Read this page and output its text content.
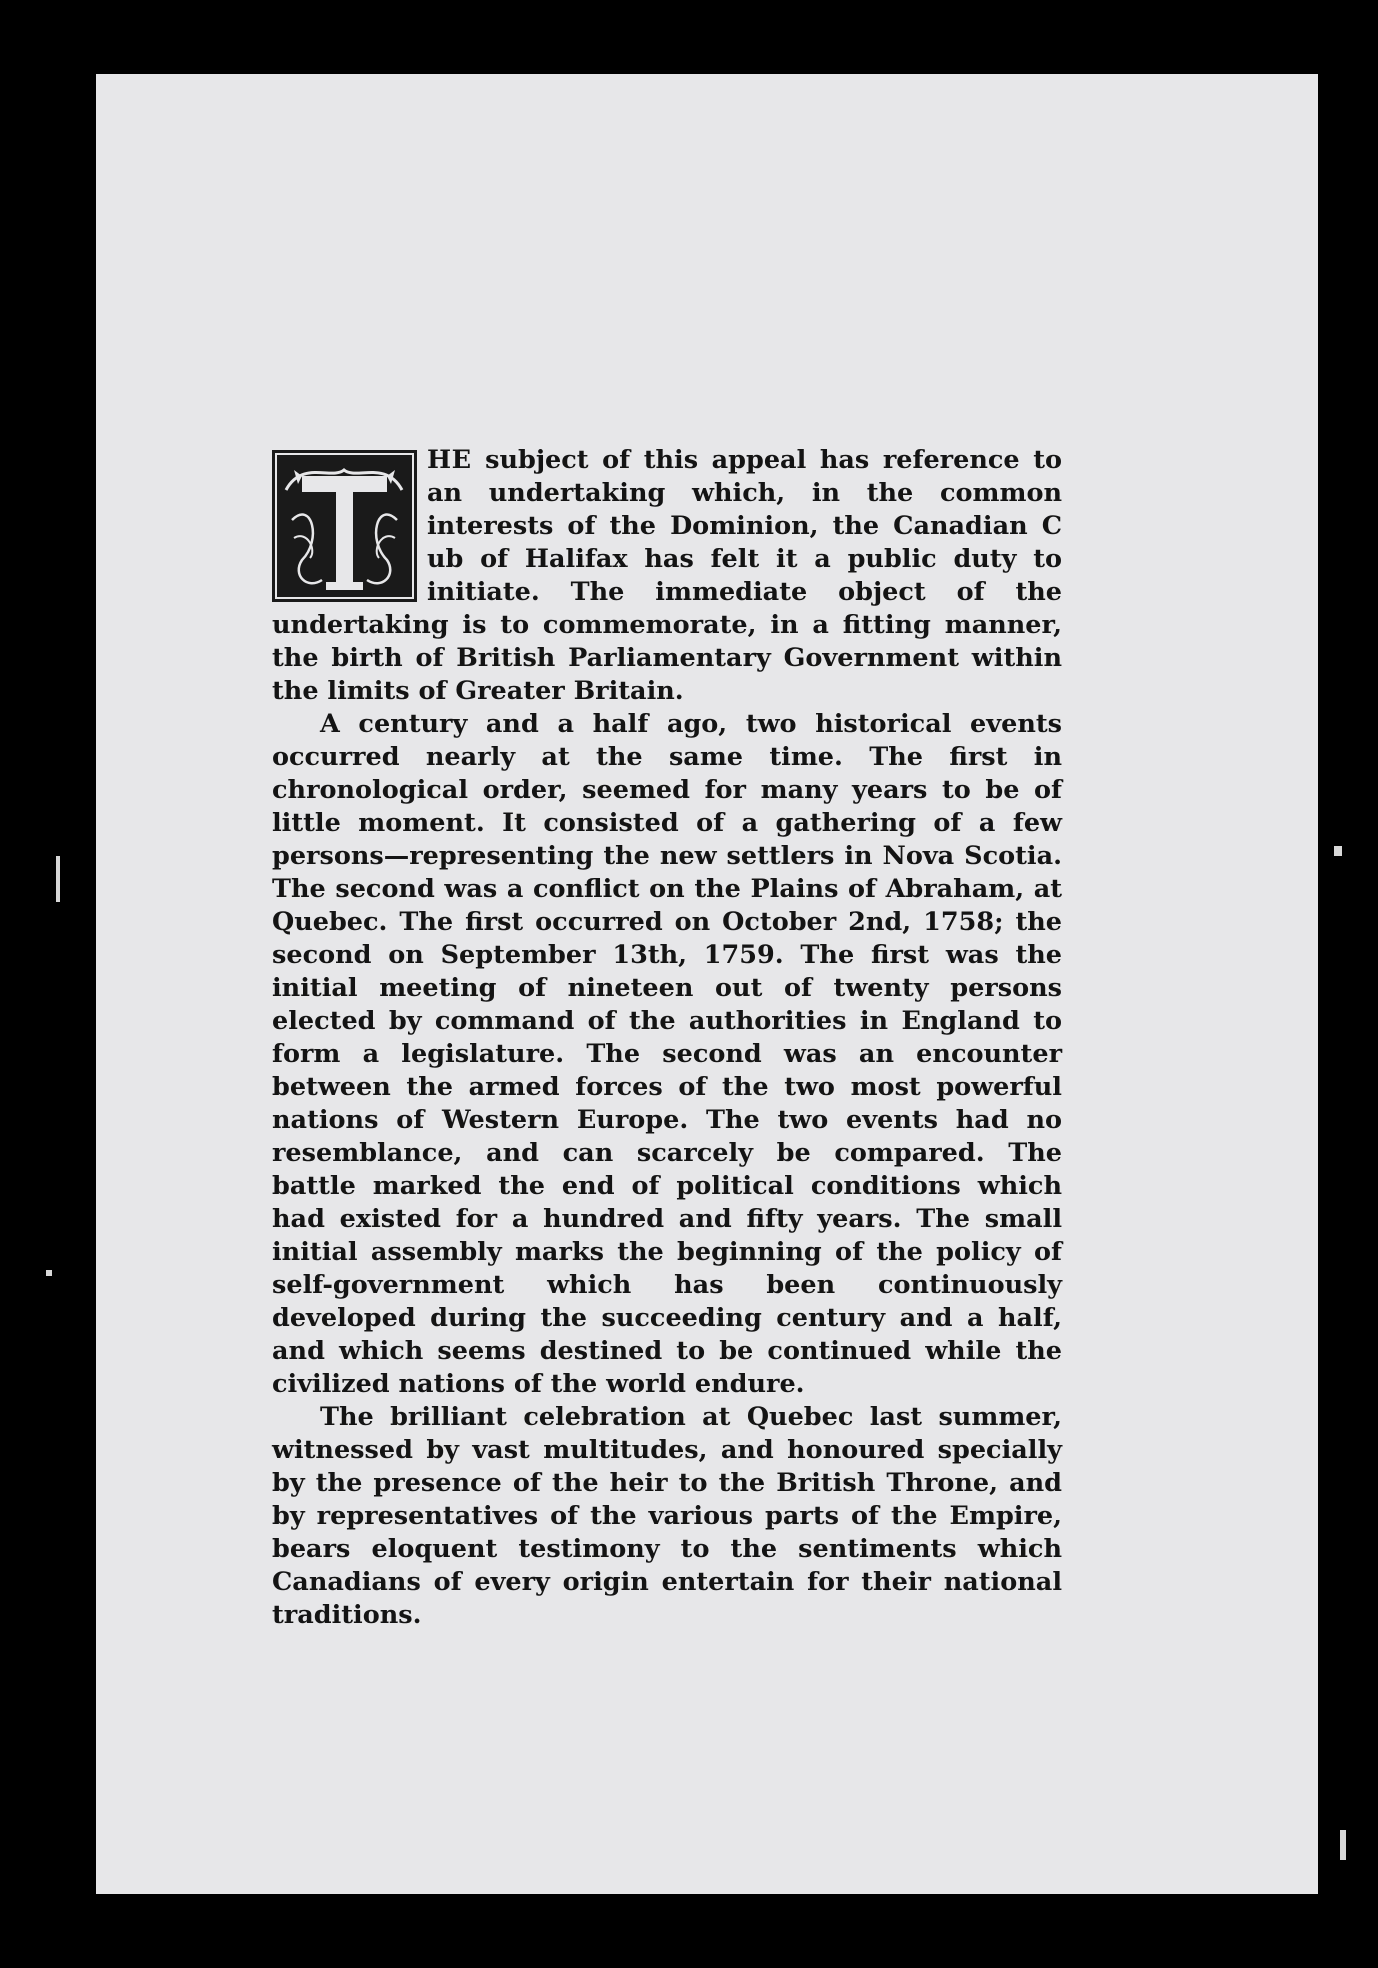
HE subject of this appeal has reference to an undertaking which, in the common interests of the Dominion, the Canadian C ub of Halifax has felt it a public duty to initiate. The immediate object of the undertaking is to commemorate, in a fitting manner, the birth of British Parliamentary Government within the limits of Greater Britain.

A century and a half ago, two historical events occurred nearly at the same time. The first in chronological order, seemed for many years to be of little moment. It consisted of a gathering of a few persons—representing the new settlers in Nova Scotia. The second was a conflict on the Plains of Abraham, at Quebec. The first occurred on October 2nd, 1758; the second on September 13th, 1759. The first was the initial meeting of nineteen out of twenty persons elected by command of the authorities in England to form a legislature. The second was an encounter between the armed forces of the two most powerful nations of Western Europe. The two events had no resemblance, and can scarcely be compared. The battle marked the end of political conditions which had existed for a hundred and fifty years. The small initial assembly marks the beginning of the policy of self-government which has been continuously developed during the succeeding century and a half, and which seems destined to be continued while the civilized nations of the world endure.

The brilliant celebration at Quebec last summer, witnessed by vast multitudes, and honoured specially by the presence of the heir to the British Throne, and by representatives of the various parts of the Empire, bears eloquent testimony to the sentiments which Canadians of every origin entertain for their national traditions.
